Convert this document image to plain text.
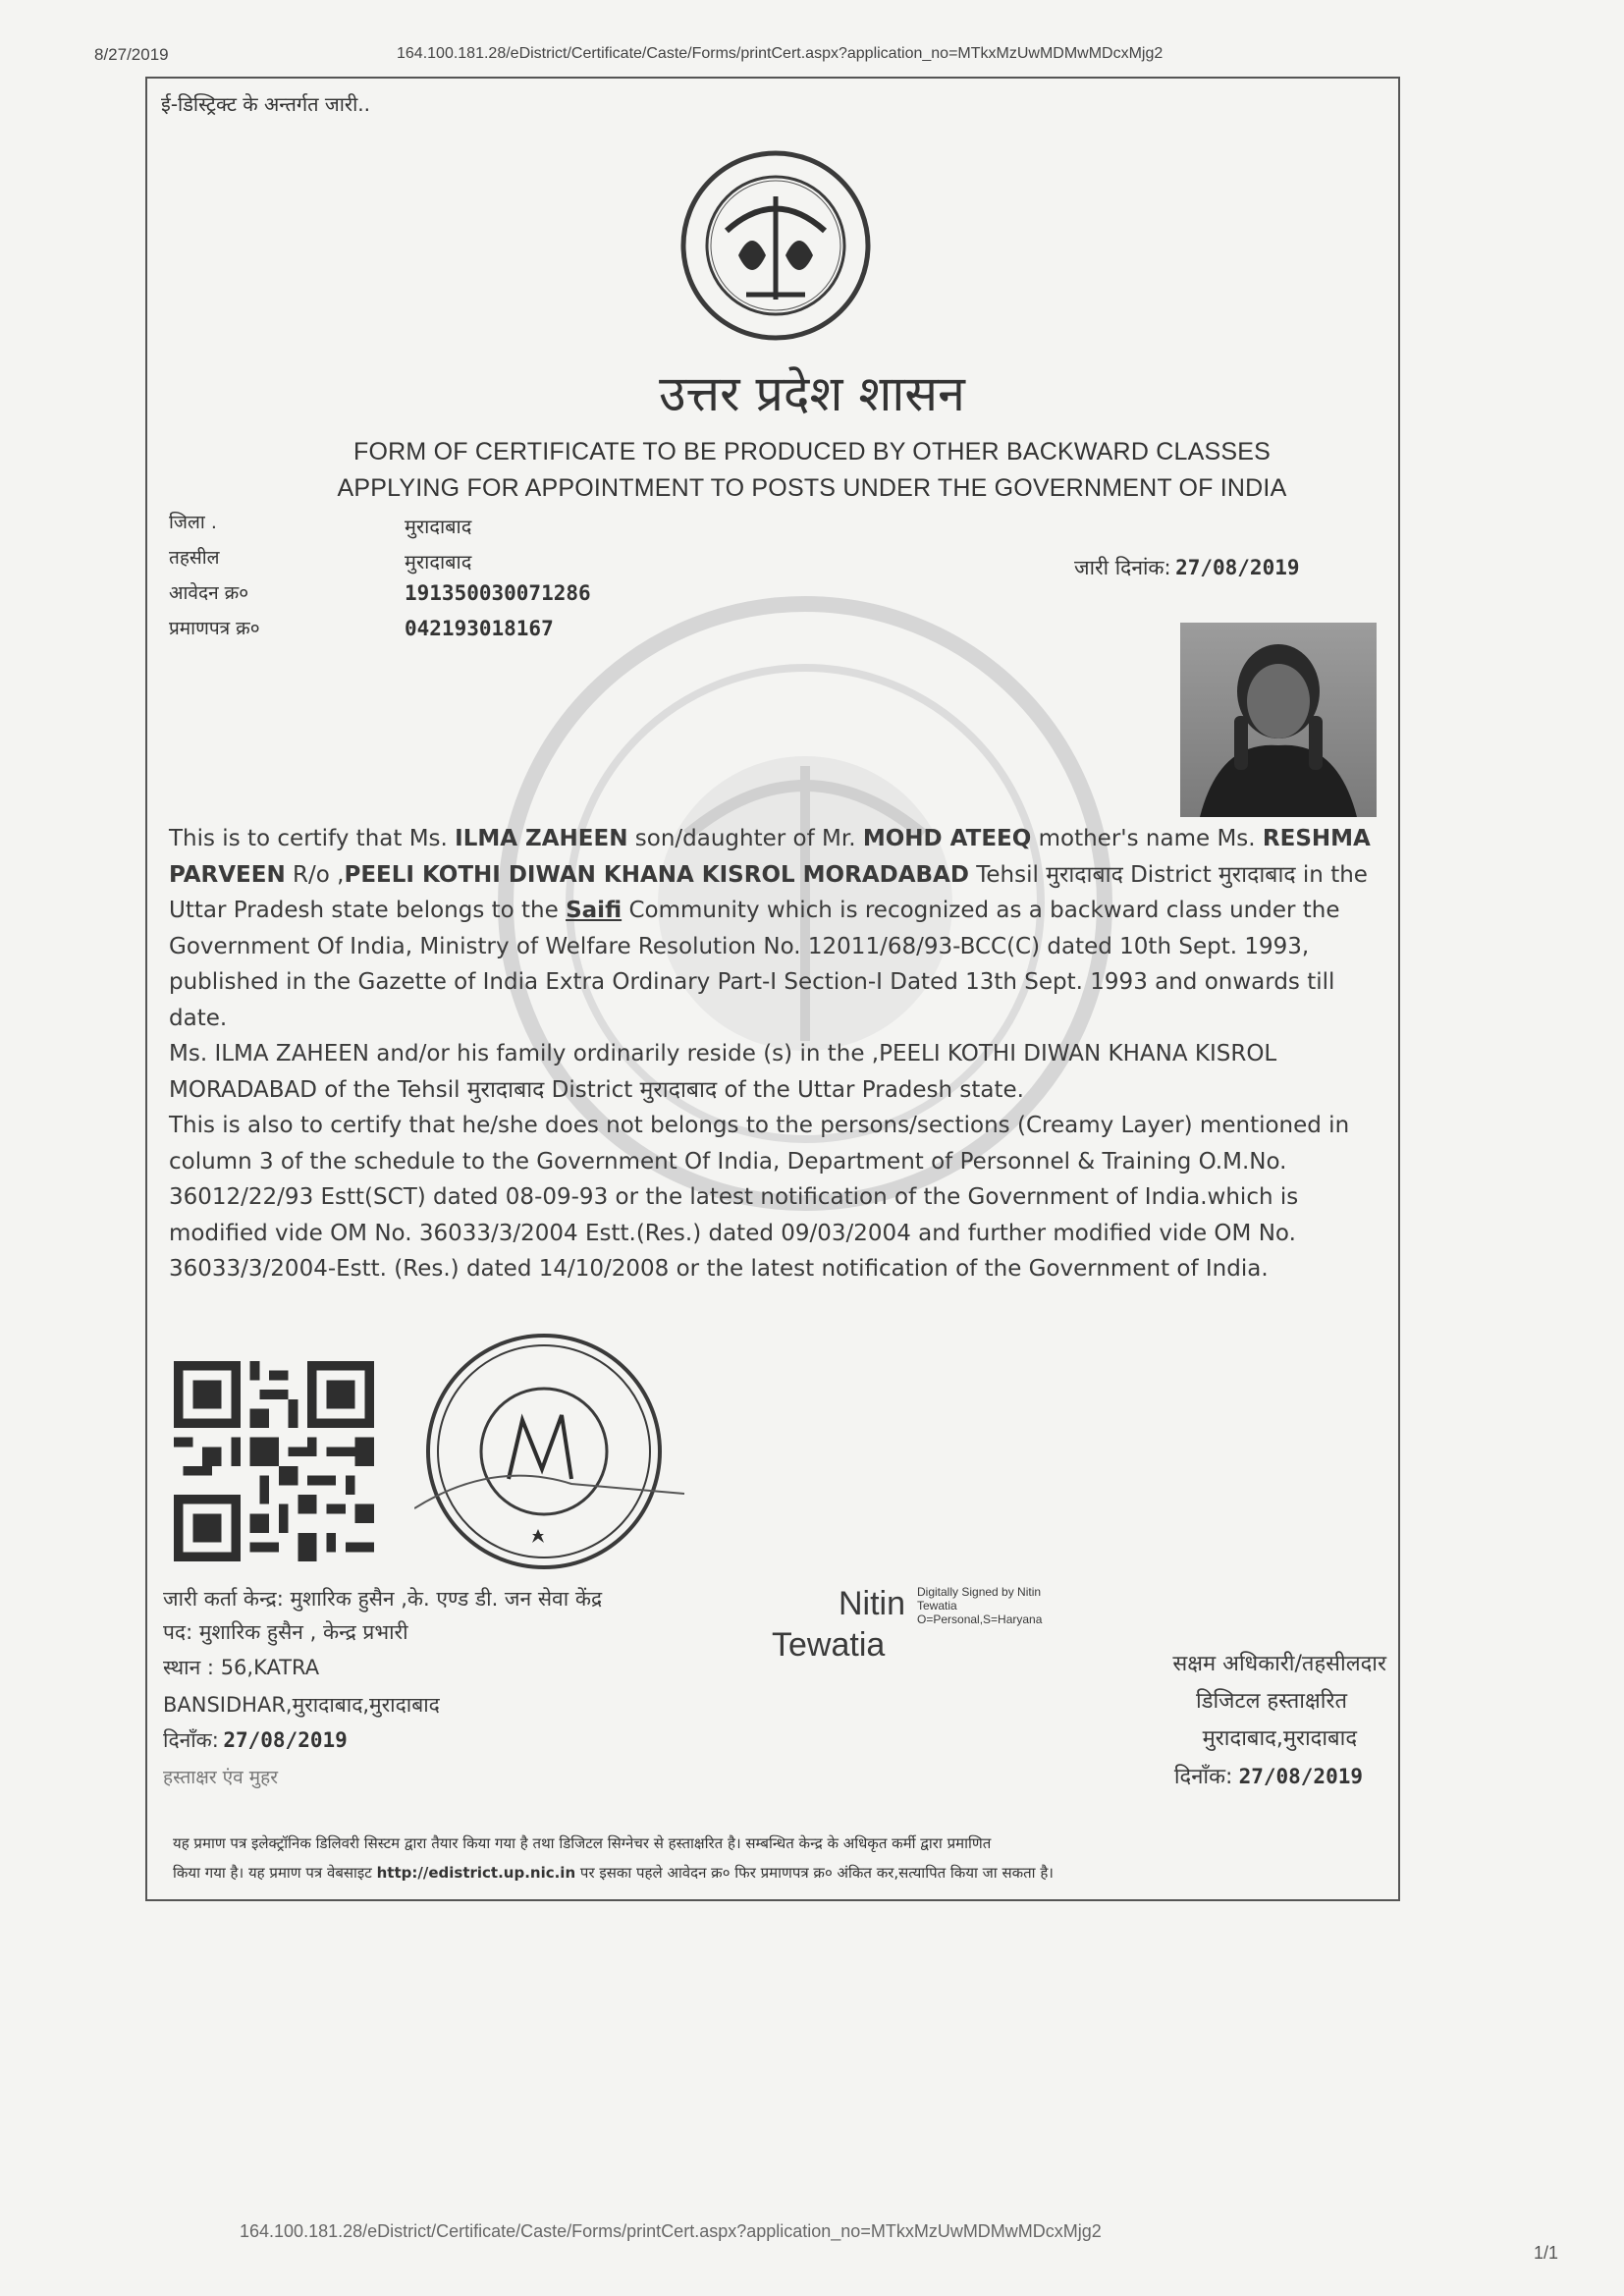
8/27/2019	164.100.181.28/eDistrict/Certificate/Caste/Forms/printCert.aspx?application_no=MTkxMzUwMDMwMDcxMjg2
ई-डिस्ट्रिक्ट के अन्तर्गत जारी..
उत्तर प्रदेश शासन
FORM OF CERTIFICATE TO BE PRODUCED BY OTHER BACKWARD CLASSES
APPLYING FOR APPOINTMENT TO POSTS UNDER THE GOVERNMENT OF INDIA
जिला .	मुरादाबाद
तहसील	मुरादाबाद
आवेदन क्र०	191350030071286
प्रमाणपत्र क्र०	042193018167
जारी दिनांक: 27/08/2019

This is to certify that Ms. ILMA ZAHEEN son/daughter of Mr. MOHD ATEEQ mother's name Ms. RESHMA PARVEEN R/o ,PEELI KOTHI DIWAN KHANA KISROL MORADABAD Tehsil मुरादाबाद District मुरादाबाद in the Uttar Pradesh state belongs to the Saifi Community which is recognized as a backward class under the Government Of India, Ministry of Welfare Resolution No. 12011/68/93-BCC(C) dated 10th Sept. 1993, published in the Gazette of India Extra Ordinary Part-I Section-I Dated 13th Sept. 1993 and onwards till date.

Ms. ILMA ZAHEEN and/or his family ordinarily reside (s) in the ,PEELI KOTHI DIWAN KHANA KISROL MORADABAD of the Tehsil मुरादाबाद District मुरादाबाद of the Uttar Pradesh state.

This is also to certify that he/she does not belongs to the persons/sections (Creamy Layer) mentioned in column 3 of the schedule to the Government Of India, Department of Personnel & Training O.M.No. 36012/22/93 Estt(SCT) dated 08-09-93 or the latest notification of the Government of India.which is modified vide OM No. 36033/3/2004 Estt.(Res.) dated 09/03/2004 and further modified vide OM No. 36033/3/2004-Estt. (Res.) dated 14/10/2008 or the latest notification of the Government of India.

जारी कर्ता केन्द्र: मुशारिक हुसैन ,के. एण्ड डी. जन सेवा केंद्र
पद: मुशारिक हुसैन , केन्द्र प्रभारी
स्थान : 56,KATRA
BANSIDHAR,मुरादाबाद,मुरादाबाद
दिनाँक: 27/08/2019
हस्ताक्षर एंव मुहर
Nitin
Tewatia
Digitally Signed by Nitin
Tewatia
O=Personal,S=Haryana
सक्षम अधिकारी/तहसीलदार
डिजिटल हस्ताक्षरित
मुरादाबाद,मुरादाबाद
दिनाँक: 27/08/2019
यह प्रमाण पत्र इलेक्ट्रॉनिक डिलिवरी सिस्टम द्वारा तैयार किया गया है तथा डिजिटल सिग्नेचर से हस्ताक्षरित है। सम्बन्धित केन्द्र के अधिकृत कर्मी द्वारा प्रमाणित
किया गया है। यह प्रमाण पत्र वेबसाइट http://edistrict.up.nic.in पर इसका पहले आवेदन क्र० फिर प्रमाणपत्र क्र० अंकित कर,सत्यापित किया जा सकता है।
164.100.181.28/eDistrict/Certificate/Caste/Forms/printCert.aspx?application_no=MTkxMzUwMDMwMDcxMjg2
1/1
